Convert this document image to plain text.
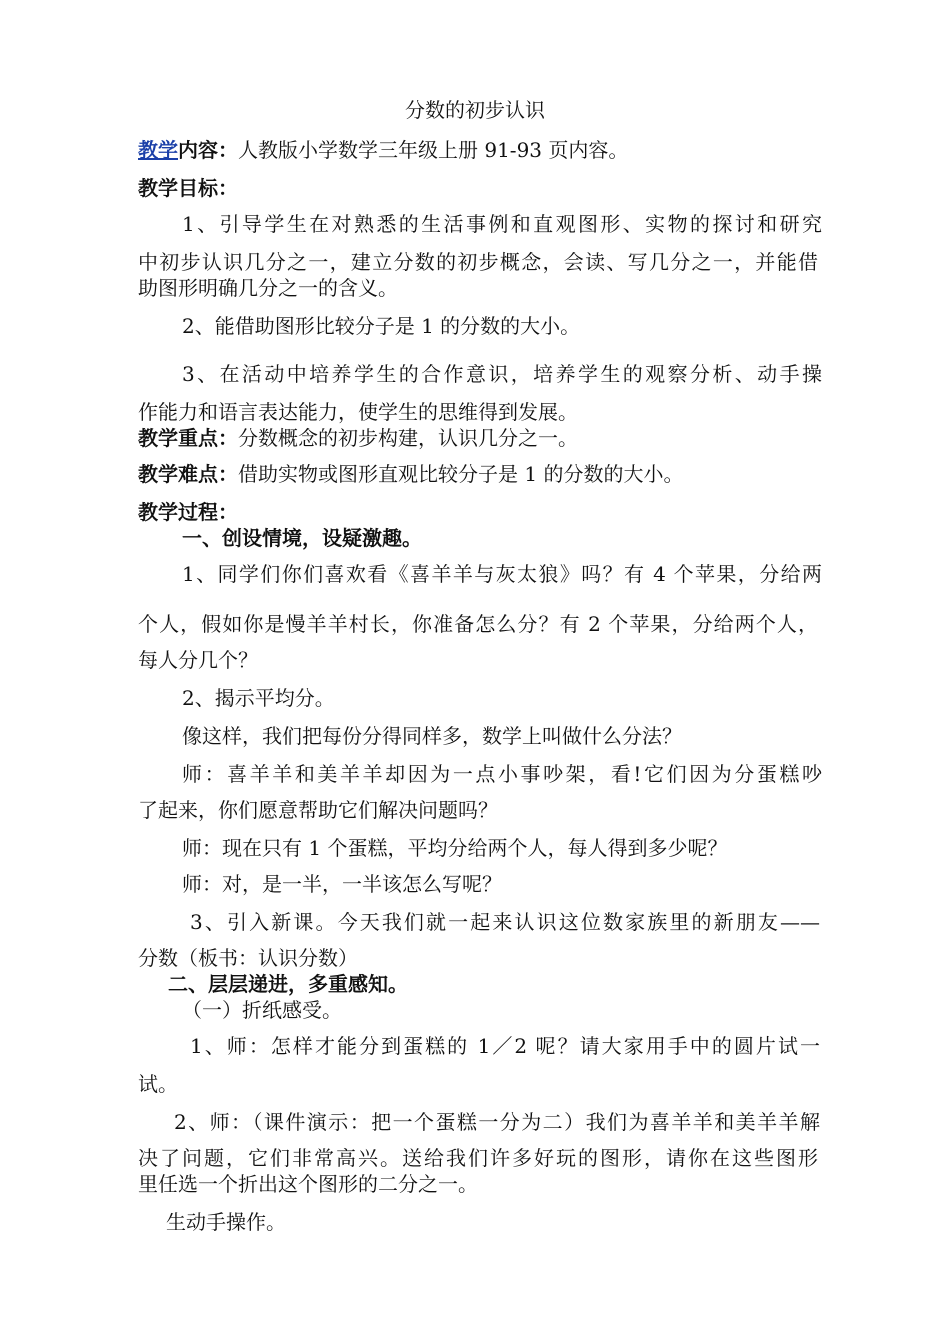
分数的初步认识
教学内容：人教版小学数学三年级上册 91-93 页内容。
教学目标：
1、引导学生在对熟悉的生活事例和直观图形、实物的探讨和研究
中初步认识几分之一，建立分数的初步概念，会读、写几分之一，并能借
助图形明确几分之一的含义。
2、能借助图形比较分子是 1 的分数的大小。
3、在活动中培养学生的合作意识，培养学生的观察分析、动手操
作能力和语言表达能力，使学生的思维得到发展。
教学重点：分数概念的初步构建，认识几分之一。
教学难点：借助实物或图形直观比较分子是 1 的分数的大小。
教学过程：
一、创设情境，设疑激趣。
1、同学们你们喜欢看《喜羊羊与灰太狼》吗？有 4 个苹果，分给两
个人，假如你是慢羊羊村长，你准备怎么分？有 2 个苹果，分给两个人，
每人分几个？
2、揭示平均分。
像这样，我们把每份分得同样多，数学上叫做什么分法？
师：喜羊羊和美羊羊却因为一点小事吵架，看!它们因为分蛋糕吵
了起来，你们愿意帮助它们解决问题吗？
师：现在只有 1 个蛋糕，平均分给两个人，每人得到多少呢？
师：对，是一半，一半该怎么写呢？
3、引入新课。今天我们就一起来认识这位数家族里的新朋友——
分数（板书：认识分数）
二、层层递进，多重感知。
（一）折纸感受。
1、师：怎样才能分到蛋糕的 1／2 呢？请大家用手中的圆片试一
试。
2、师：（课件演示：把一个蛋糕一分为二）我们为喜羊羊和美羊羊解
决了问题，它们非常高兴。送给我们许多好玩的图形，请你在这些图形
里任选一个折出这个图形的二分之一。
生动手操作。
